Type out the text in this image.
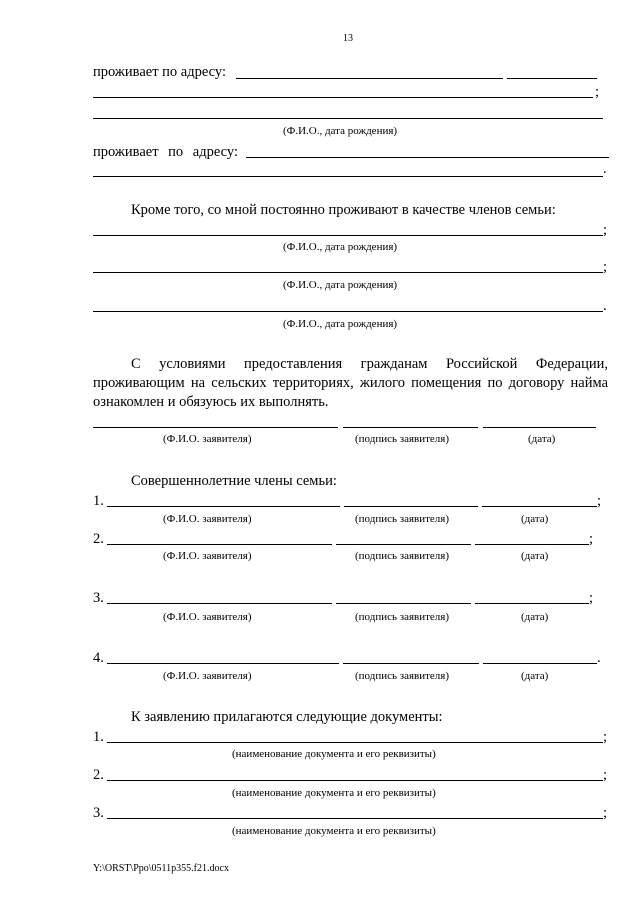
13
проживает по адресу:
;
(Ф.И.О., дата рождения)
проживает по адресу:
.
Кроме того, со мной постоянно проживают в качестве членов семьи:
;
(Ф.И.О., дата рождения)
;
(Ф.И.О., дата рождения)
.
(Ф.И.О., дата рождения)
С условиями предоставления гражданам Российской Федерации, проживающим на сельских территориях, жилого помещения по договору найма ознакомлен и обязуюсь их выполнять.
(Ф.И.О. заявителя)	(подпись заявителя)	(дата)
Совершеннолетние члены семьи:
1.	;
(Ф.И.О. заявителя)	(подпись заявителя)	(дата)
2.	;
(Ф.И.О. заявителя)	(подпись заявителя)	(дата)
3.	;
(Ф.И.О. заявителя)	(подпись заявителя)	(дата)
4.	.
(Ф.И.О. заявителя)	(подпись заявителя)	(дата)
К заявлению прилагаются следующие документы:
1.	;
(наименование документа и его реквизиты)
2.	;
(наименование документа и его реквизиты)
3.	;
(наименование документа и его реквизиты)
Y:\ORST\Ppo\0511p355.f21.docx
